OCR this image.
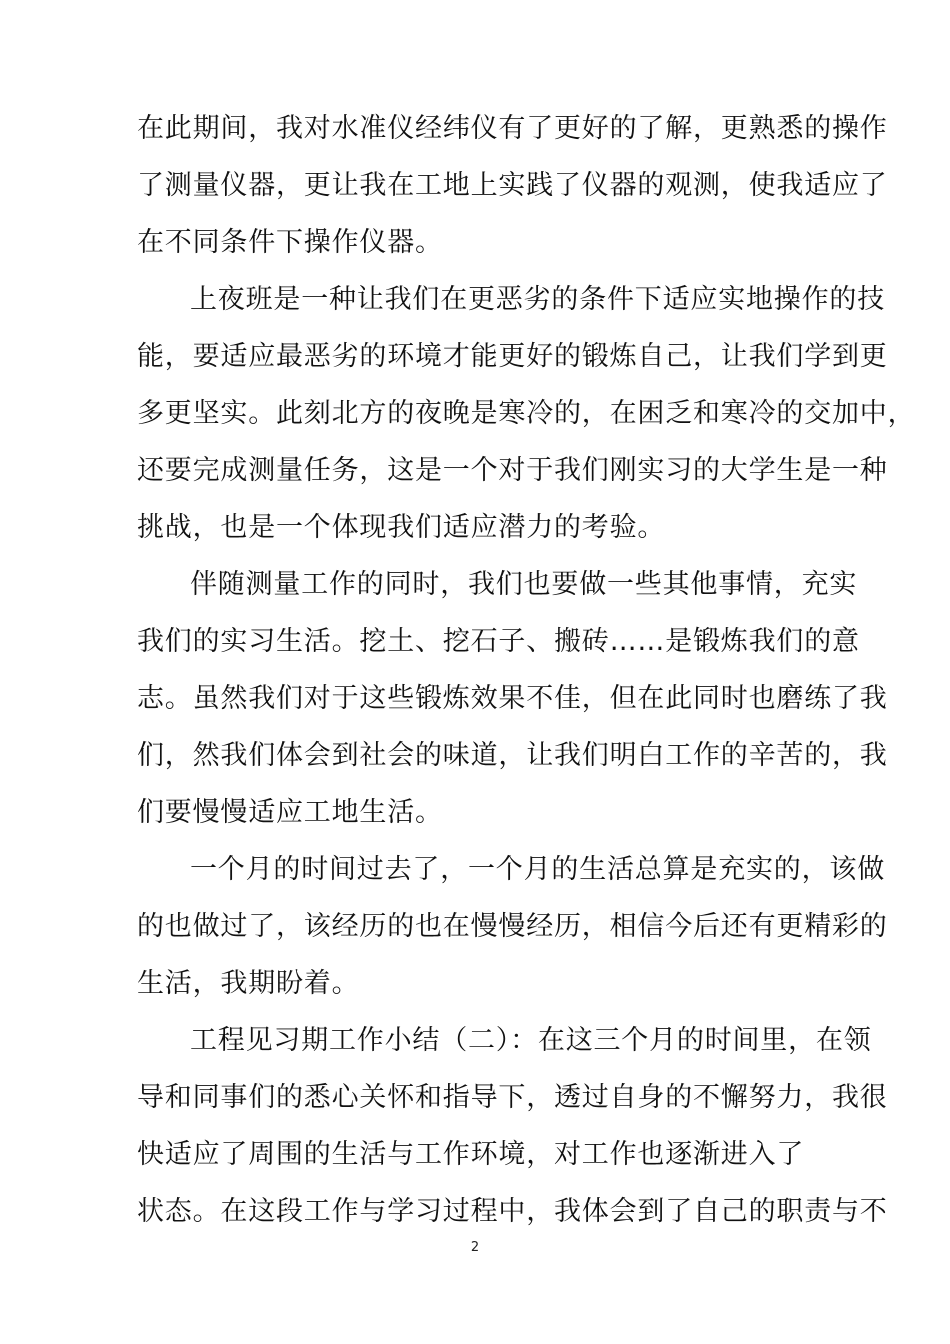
在此期间，我对水准仪经纬仪有了更好的了解，更熟悉的操作
了测量仪器，更让我在工地上实践了仪器的观测，使我适应了
在不同条件下操作仪器。
上夜班是一种让我们在更恶劣的条件下适应实地操作的技
能，要适应最恶劣的环境才能更好的锻炼自己，让我们学到更
多更坚实。此刻北方的夜晚是寒冷的，在困乏和寒冷的交加中，
还要完成测量任务，这是一个对于我们刚实习的大学生是一种
挑战，也是一个体现我们适应潜力的考验。
伴随测量工作的同时，我们也要做一些其他事情，充实
我们的实习生活。挖土、挖石子、搬砖……是锻炼我们的意
志。虽然我们对于这些锻炼效果不佳，但在此同时也磨练了我
们，然我们体会到社会的味道，让我们明白工作的辛苦的，我
们要慢慢适应工地生活。
一个月的时间过去了，一个月的生活总算是充实的，该做
的也做过了，该经历的也在慢慢经历，相信今后还有更精彩的
生活，我期盼着。
工程见习期工作小结（二）：在这三个月的时间里，在领
导和同事们的悉心关怀和指导下，透过自身的不懈努力，我很
快适应了周围的生活与工作环境，对工作也逐渐进入了
状态。在这段工作与学习过程中，我体会到了自己的职责与不
2
